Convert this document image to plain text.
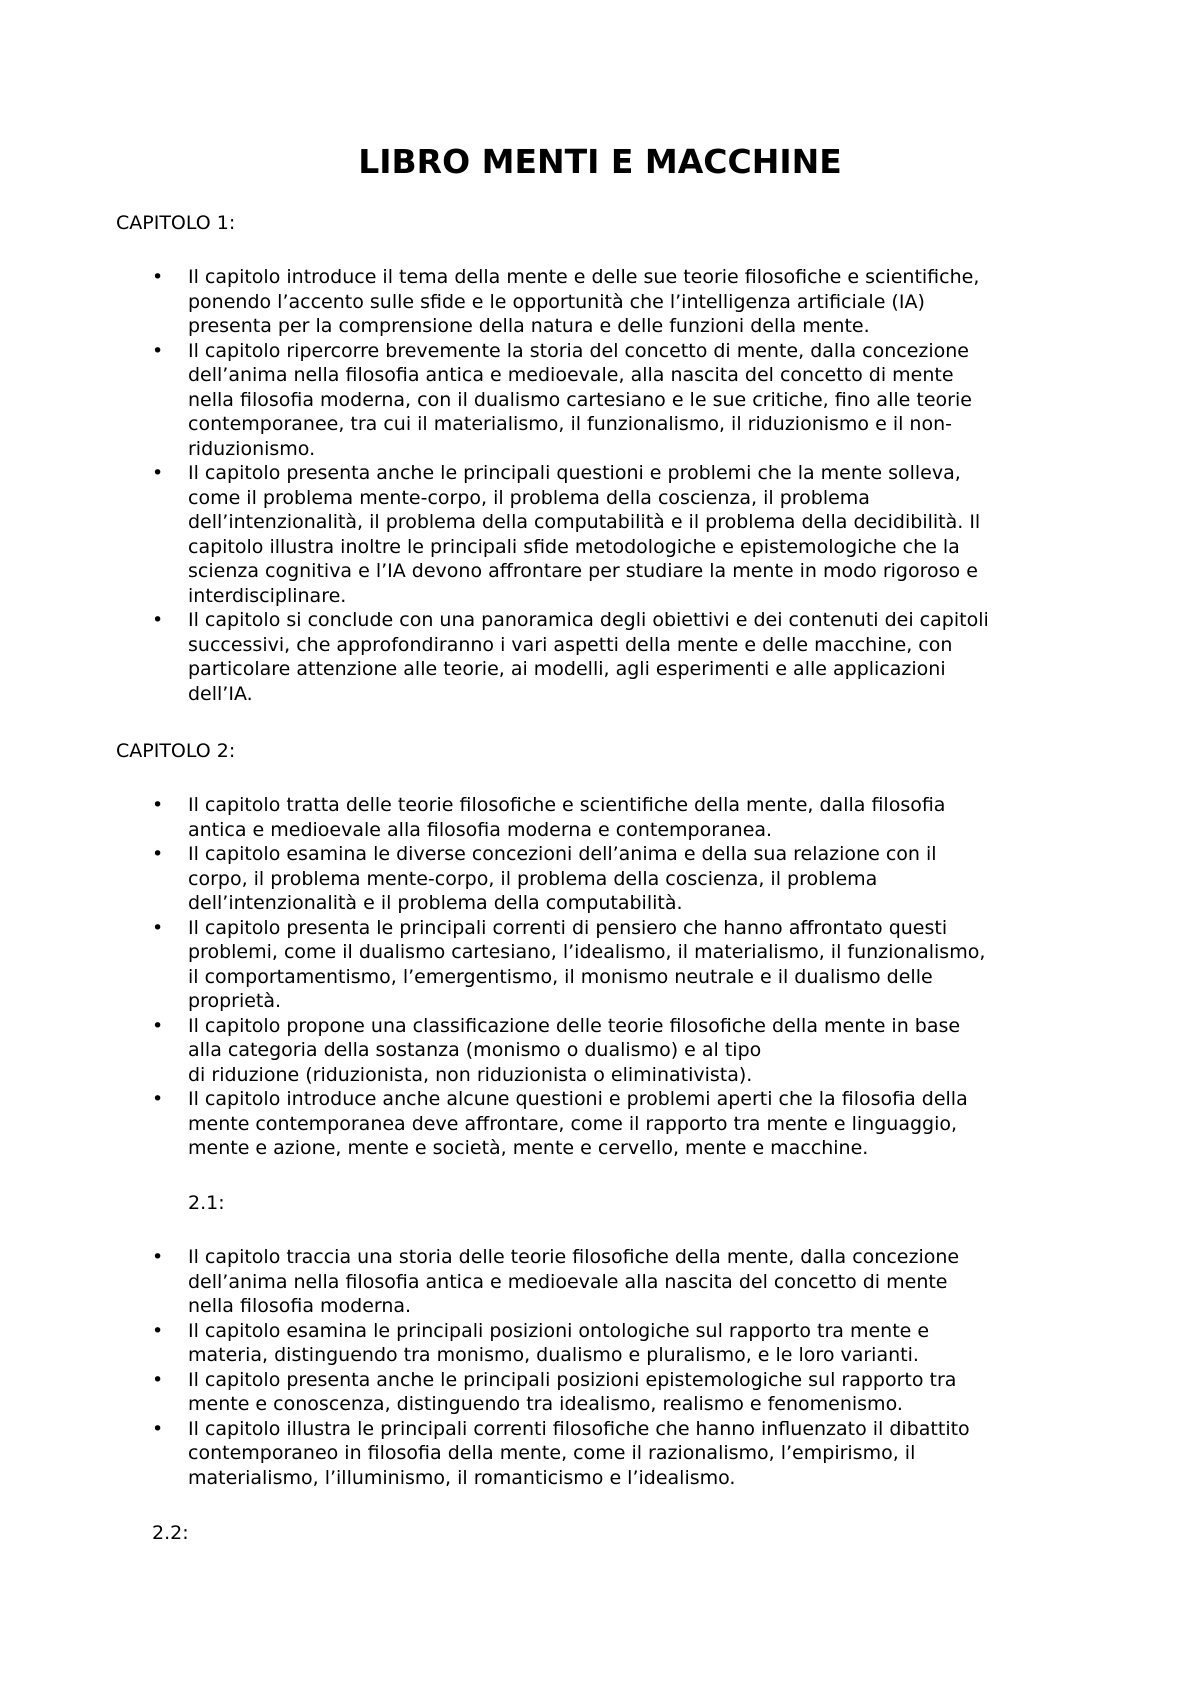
LIBRO MENTI E MACCHINE

CAPITOLO 1:

• Il capitolo introduce il tema della mente e delle sue teorie filosofiche e scientifiche,
ponendo l’accento sulle sfide e le opportunità che l’intelligenza artificiale (IA)
presenta per la comprensione della natura e delle funzioni della mente.
• Il capitolo ripercorre brevemente la storia del concetto di mente, dalla concezione
dell’anima nella filosofia antica e medioevale, alla nascita del concetto di mente
nella filosofia moderna, con il dualismo cartesiano e le sue critiche, fino alle teorie
contemporanee, tra cui il materialismo, il funzionalismo, il riduzionismo e il non-
riduzionismo.
• Il capitolo presenta anche le principali questioni e problemi che la mente solleva,
come il problema mente-corpo, il problema della coscienza, il problema
dell’intenzionalità, il problema della computabilità e il problema della decidibilità. Il
capitolo illustra inoltre le principali sfide metodologiche e epistemologiche che la
scienza cognitiva e l’IA devono affrontare per studiare la mente in modo rigoroso e
interdisciplinare.
• Il capitolo si conclude con una panoramica degli obiettivi e dei contenuti dei capitoli
successivi, che approfondiranno i vari aspetti della mente e delle macchine, con
particolare attenzione alle teorie, ai modelli, agli esperimenti e alle applicazioni
dell’IA.

CAPITOLO 2:

• Il capitolo tratta delle teorie filosofiche e scientifiche della mente, dalla filosofia
antica e medioevale alla filosofia moderna e contemporanea.
• Il capitolo esamina le diverse concezioni dell’anima e della sua relazione con il
corpo, il problema mente-corpo, il problema della coscienza, il problema
dell’intenzionalità e il problema della computabilità.
• Il capitolo presenta le principali correnti di pensiero che hanno affrontato questi
problemi, come il dualismo cartesiano, l’idealismo, il materialismo, il funzionalismo,
il comportamentismo, l’emergentismo, il monismo neutrale e il dualismo delle
proprietà.
• Il capitolo propone una classificazione delle teorie filosofiche della mente in base
alla categoria della sostanza (monismo o dualismo) e al tipo
di riduzione (riduzionista, non riduzionista o eliminativista).
• Il capitolo introduce anche alcune questioni e problemi aperti che la filosofia della
mente contemporanea deve affrontare, come il rapporto tra mente e linguaggio,
mente e azione, mente e società, mente e cervello, mente e macchine.

2.1:

• Il capitolo traccia una storia delle teorie filosofiche della mente, dalla concezione
dell’anima nella filosofia antica e medioevale alla nascita del concetto di mente
nella filosofia moderna.
• Il capitolo esamina le principali posizioni ontologiche sul rapporto tra mente e
materia, distinguendo tra monismo, dualismo e pluralismo, e le loro varianti.
• Il capitolo presenta anche le principali posizioni epistemologiche sul rapporto tra
mente e conoscenza, distinguendo tra idealismo, realismo e fenomenismo.
• Il capitolo illustra le principali correnti filosofiche che hanno influenzato il dibattito
contemporaneo in filosofia della mente, come il razionalismo, l’empirismo, il
materialismo, l’illuminismo, il romanticismo e l’idealismo.

2.2:
